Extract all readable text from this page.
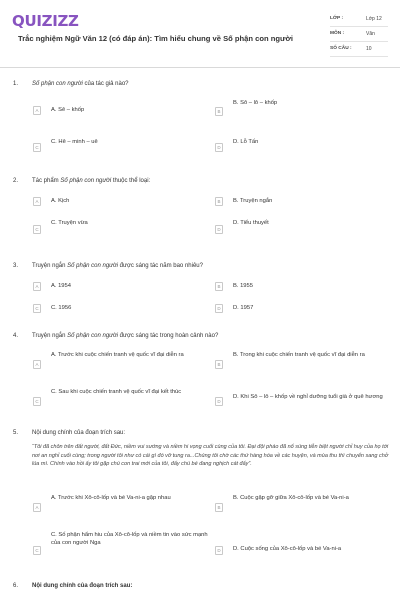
QUIZIZZ
Trắc nghiệm Ngữ Văn 12 (có đáp án): Tìm hiểu chung về Số phận con người
LỚP :	Lớp 12
MÔN :	Văn
SỐ CÂU :	10
1. Số phận con người của tác giả nào?
A	A. Sê – khốp	B
B. Sô – lô – khốp
C
C. Hê – minh – uê
D
D. Lỗ Tấn
2. Tác phẩm Số phận con người thuộc thể loại:
A	A. Kịch	B	B. Truyện ngắn
C
C. Truyện vừa
D
D. Tiểu thuyết
3. Truyện ngắn Số phận con người được sáng tác năm bao nhiêu?
A	A. 1954	B	B. 1955
C	C. 1956	D	D. 1957
4. Truyện ngắn Số phận con người được sáng tác trong hoàn cảnh nào?
A
A. Trước khi cuộc chiến tranh vệ quốc vĩ đại diễn ra
B
B. Trong khi cuộc chiến tranh vệ quốc vĩ đại diễn ra
C
C. Sau khi cuộc chiến tranh vệ quốc vĩ đại kết thúc
D
D. Khi Sô – lô – khốp về nghỉ dưỡng tuổi già ở quê hương
5. Nội dung chính của đoạn trích sau:
“Tôi đã chôn trên đất người, đất Đức, niềm vui sướng và niềm hi vọng cuối cùng của tôi. Đại đội pháo đã nổ súng tiễn biệt người chỉ huy của họ tới nơi an nghỉ cuối cùng; trong người tôi như có cái gì đó vỡ tung ra...Chúng tôi chờ các thứ hàng hóa về các huyện, và mùa thu thì chuyển sang chở lúa mì. Chính vào hồi ấy tôi gặp chú con trai mới của tôi, đấy chú bé đang nghịch cát đấy”.
A
A. Trước khi Xô-cô-lốp và bé Va-ni-a gặp nhau
B
B. Cuộc gặp gỡ giữa Xô-cô-lốp và bé Va-ni-a
C
C. Số phận hẩm hiu của Xô-cô-lốp và niềm tin vào sức mạnh của con người Nga
D	D. Cuộc sống của Xô-cô-lốp và bé Va-ni-a
6. Nội dung chính của đoạn trích sau:
